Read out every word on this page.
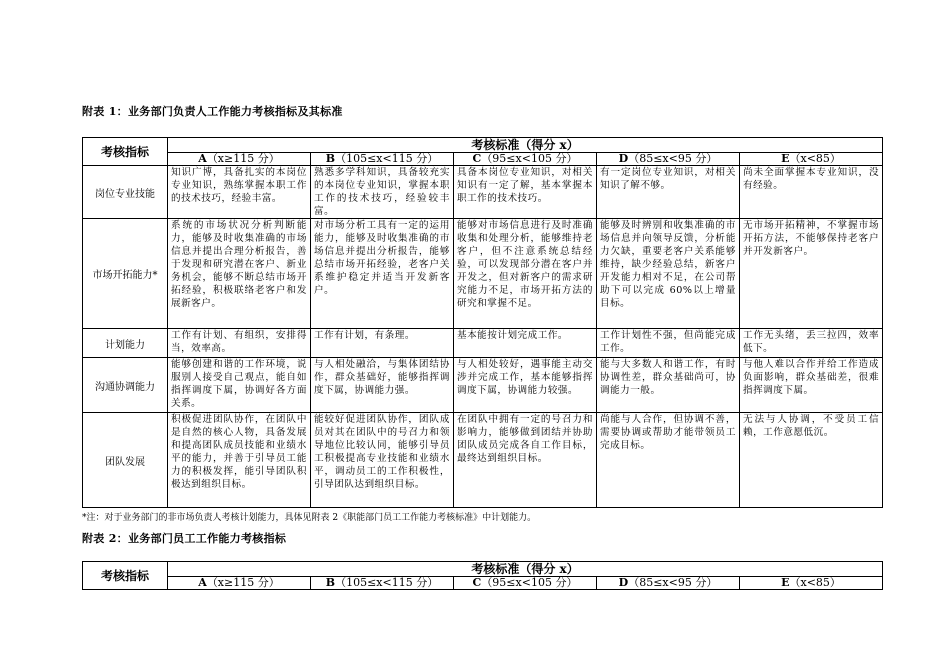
附表 1：业务部门负责人工作能力考核指标及其标准
考核指标	考核标准（得分 x）				
	A（x≥115 分）	B（105≤x<115 分）	C（95≤x<105 分）	D（85≤x<95 分）	E（x<85）
岗位专业技能	知识广博，具备扎实的本岗位专业知识，熟练掌握本职工作的技术技巧，经验丰富。	熟悉多学科知识，具备较充实的本岗位专业知识，掌握本职工作的技术技巧，经验较丰富。	具备本岗位专业知识，对相关知识有一定了解，基本掌握本职工作的技术技巧。	有一定岗位专业知识，对相关知识了解不够。	尚未全面掌握本专业知识，没有经验。
市场开拓能力*	系统的市场状况分析判断能力，能够及时收集准确的市场信息并提出合理分析报告，善于发现和研究潜在客户、新业务机会，能够不断总结市场开拓经验，积极联络老客户和发展新客户。	对市场分析工具有一定的运用能力，能够及时收集准确的市场信息并提出分析报告，能够总结市场开拓经验，老客户关系维护稳定并适当开发新客户。	能够对市场信息进行及时准确收集和处理分析，能够维持老客户，但不注意系统总结经验，可以发现部分潜在客户并开发之，但对新客户的需求研究能力不足，市场开拓方法的研究和掌握不足。	能够及时辨别和收集准确的市场信息并向领导反馈，分析能力欠缺，重要老客户关系能够维持，缺少经验总结，新客户开发能力相对不足，在公司帮助下可以完成 60%以上增量目标。	无市场开拓精神，不掌握市场开拓方法，不能够保持老客户并开发新客户。
计划能力	工作有计划、有组织，安排得当，效率高。	工作有计划，有条理。	基本能按计划完成工作。	工作计划性不强，但尚能完成工作。	工作无头绪，丢三拉四，效率低下。
沟通协调能力	能够创建和谐的工作环境，说服别人接受自己观点，能自如指挥调度下属，协调好各方面关系。	与人相处融洽，与集体团结协作，群众基础好，能够指挥调度下属，协调能力强。	与人相处较好，遇事能主动交涉并完成工作，基本能够指挥调度下属，协调能力较强。	能与大多数人和谐工作，有时协调性差，群众基础尚可，协调能力一般。	与他人难以合作并给工作造成负面影响，群众基础差，很难指挥调度下属。
团队发展	积极促进团队协作，在团队中是自然的核心人物，具备发展和提高团队成员技能和业绩水平的能力，并善于引导员工能力的积极发挥，能引导团队积极达到组织目标。	能较好促进团队协作，团队成员对其在团队中的号召力和领导地位比较认同，能够引导员工积极提高专业技能和业绩水平，调动员工的工作积极性，引导团队达到组织目标。	在团队中拥有一定的号召力和影响力，能够做到团结并协助团队成员完成各自工作目标，最终达到组织目标。	尚能与人合作，但协调不善，需要协调或帮助才能带领员工完成目标。	无法与人协调，不受员工信赖，工作意愿低沉。
*注：对于业务部门的非市场负责人考核计划能力，具体见附表 2《职能部门员工工作能力考核标准》中计划能力。
附表 2：业务部门员工工作能力考核指标
考核指标	考核标准（得分 x）				
	A（x≥115 分）	B（105≤x<115 分）	C（95≤x<105 分）	D（85≤x<95 分）	E（x<85）
